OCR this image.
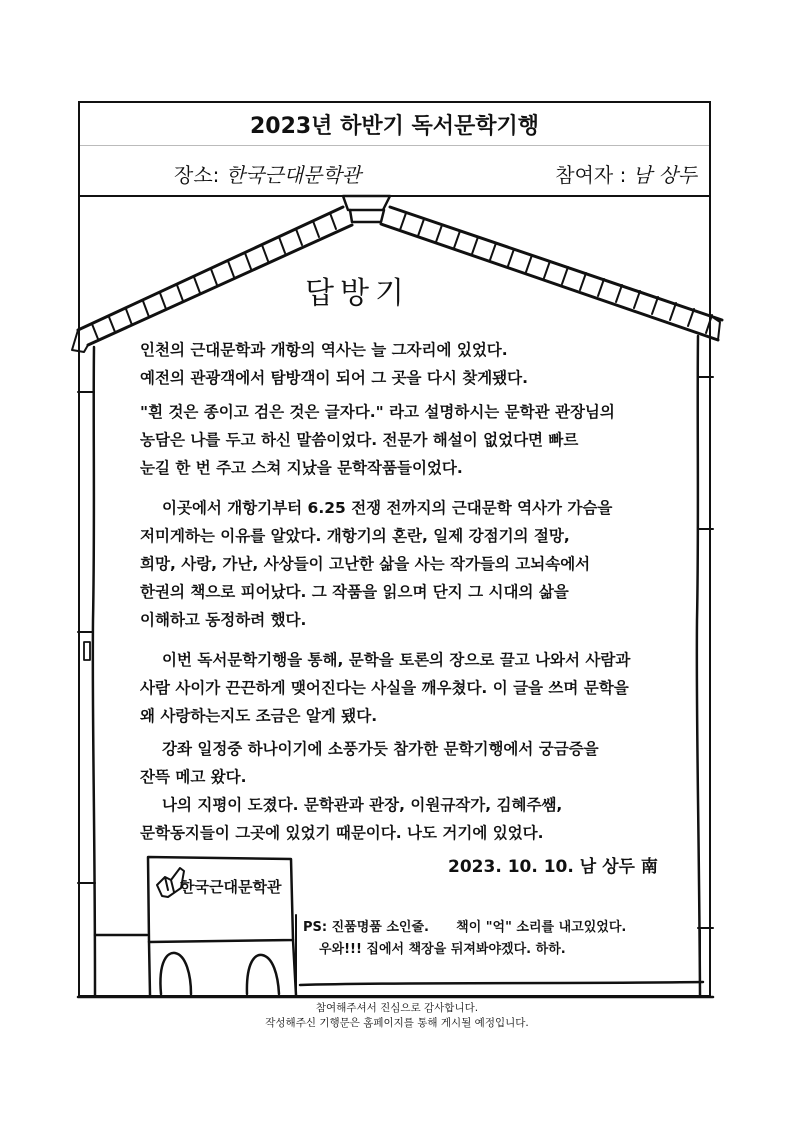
2023년 하반기 독서문학기행
장소: 한국근대문학관	참여자 : 남 상두
답방기

인천의 근대문학과 개항의 역사는 늘 그자리에 있었다.

예전의 관광객에서 탐방객이 되어 그 곳을 다시 찾게됐다.

"흰 것은 종이고 검은 것은 글자다." 라고 설명하시는 문학관 관장님의

농담은 나를 두고 하신 말씀이었다. 전문가 해설이 없었다면 빠르

눈길 한 번 주고 스쳐 지났을 문학작품들이었다.

이곳에서 개항기부터 6.25 전쟁 전까지의 근대문학 역사가 가슴을

저미게하는 이유를 알았다. 개항기의 혼란, 일제 강점기의 절망,

희망, 사랑, 가난, 사상들이 고난한 삶을 사는 작가들의 고뇌속에서

한권의 책으로 피어났다. 그 작품을 읽으며 단지 그 시대의 삶을

이해하고 동정하려 했다.

이번 독서문학기행을 통해, 문학을 토론의 장으로 끌고 나와서 사람과

사람 사이가 끈끈하게 맺어진다는 사실을 깨우쳤다. 이 글을 쓰며 문학을

왜 사랑하는지도 조금은 알게 됐다.

강좌 일정중 하나이기에 소풍가듯 참가한 문학기행에서 궁금증을

잔뜩 메고 왔다.

나의 지평이 도졌다. 문학관과 관장, 이원규작가, 김혜주쌤,

문학동지들이 그곳에 있었기 때문이다. 나도 거기에 있었다.

2023. 10. 10. 남 상두 南
한국근대문학관
PS: 진품명품 소인줄.      책이 "억" 소리를 내고있었다.
우와!!! 집에서 책장을 뒤져봐야겠다. 하하.
참여해주셔서 진심으로 감사합니다.
작성해주신 기행문은 홈페이지를 통해 게시될 예정입니다.
